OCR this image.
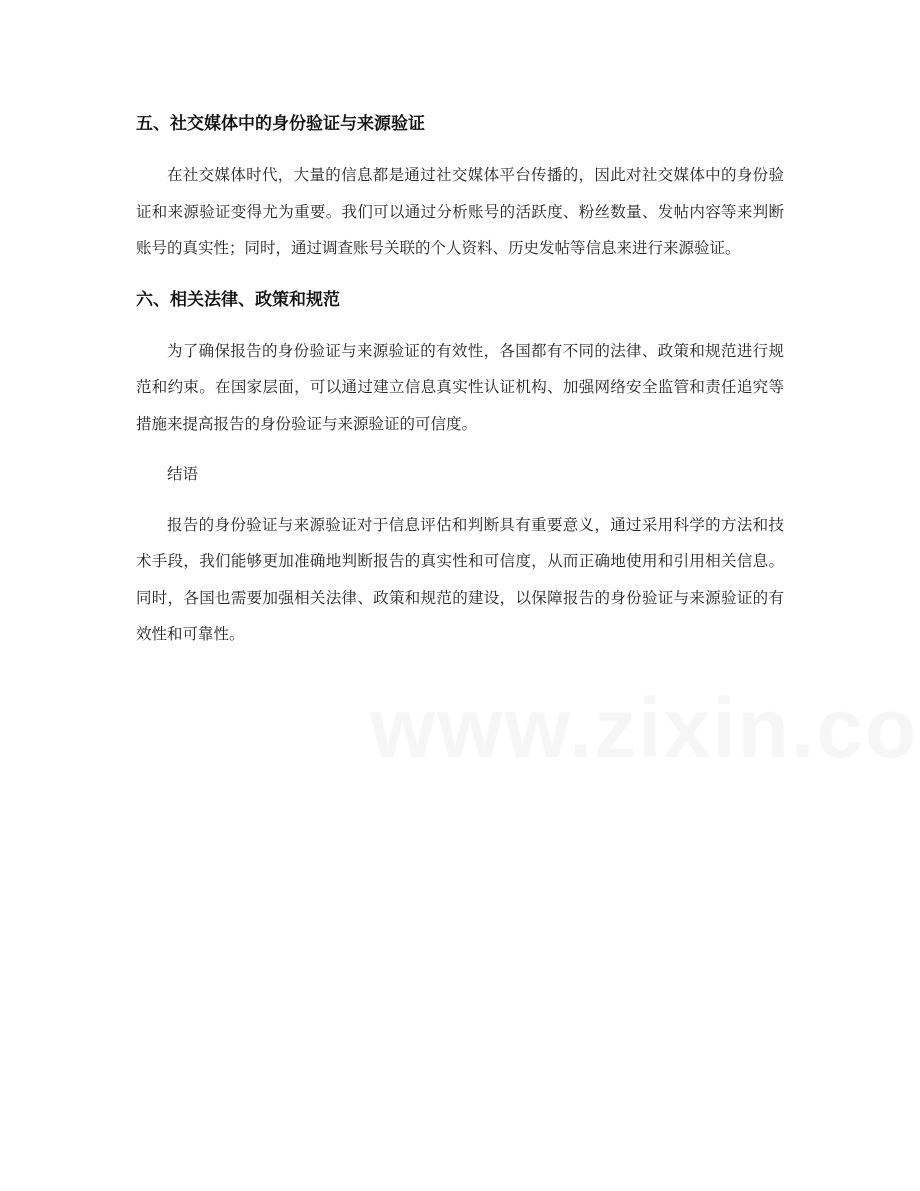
五、社交媒体中的身份验证与来源验证

在社交媒体时代，大量的信息都是通过社交媒体平台传播的，因此对社交媒体中的身份验证和来源验证变得尤为重要。我们可以通过分析账号的活跃度、粉丝数量、发帖内容等来判断账号的真实性；同时，通过调查账号关联的个人资料、历史发帖等信息来进行来源验证。

六、相关法律、政策和规范

为了确保报告的身份验证与来源验证的有效性，各国都有不同的法律、政策和规范进行规范和约束。在国家层面，可以通过建立信息真实性认证机构、加强网络安全监管和责任追究等措施来提高报告的身份验证与来源验证的可信度。

结语

报告的身份验证与来源验证对于信息评估和判断具有重要意义，通过采用科学的方法和技术手段，我们能够更加准确地判断报告的真实性和可信度，从而正确地使用和引用相关信息。同时，各国也需要加强相关法律、政策和规范的建设，以保障报告的身份验证与来源验证的有效性和可靠性。
